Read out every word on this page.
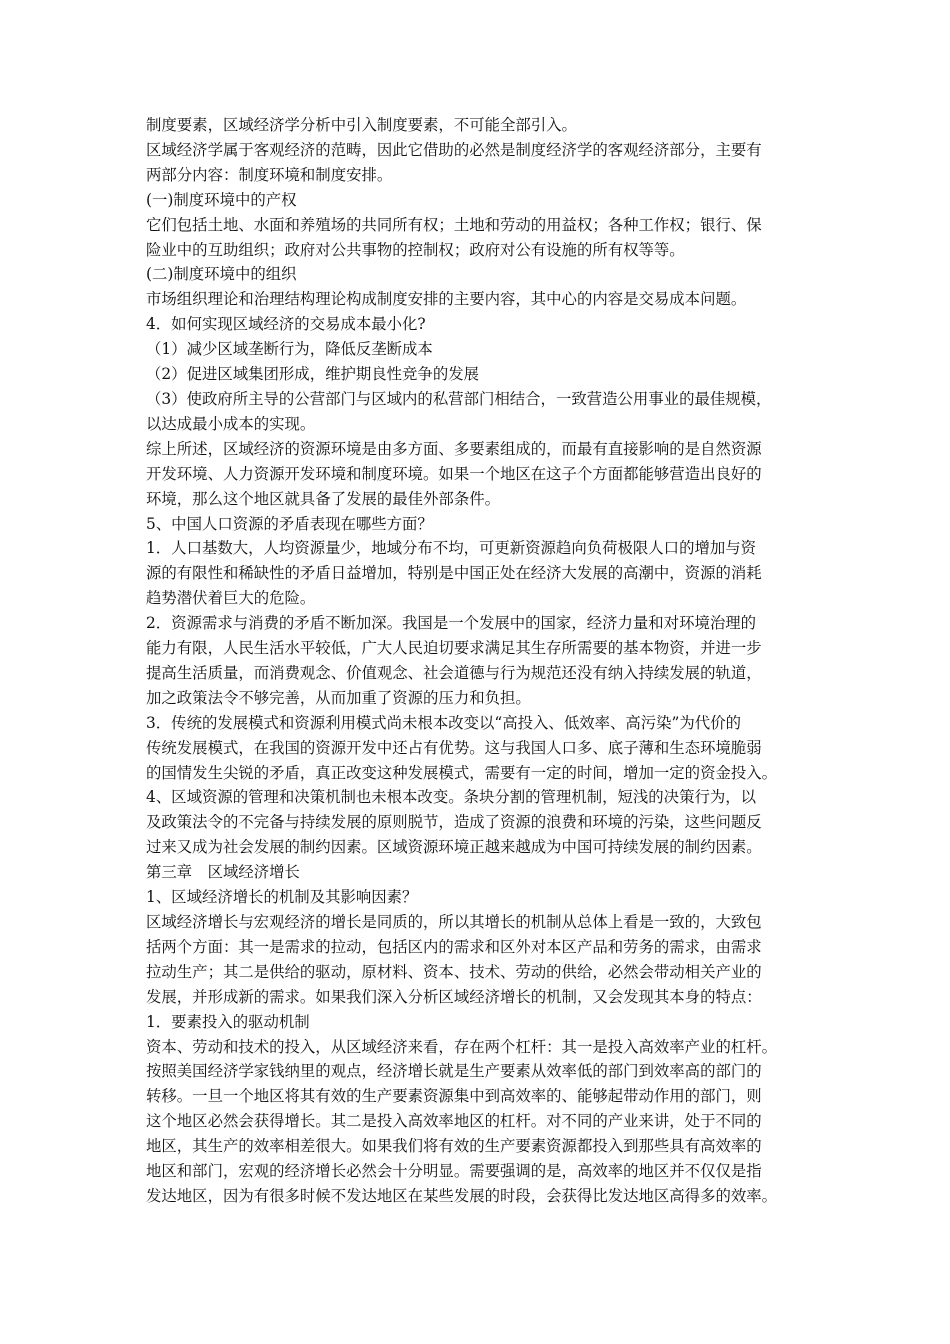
制度要素，区域经济学分析中引入制度要素，不可能全部引入。
区域经济学属于客观经济的范畴，因此它借助的必然是制度经济学的客观经济部分，主要有
两部分内容：制度环境和制度安排。
(一)制度环境中的产权
它们包括土地、水面和养殖场的共同所有权；土地和劳动的用益权；各种工作权；银行、保
险业中的互助组织；政府对公共事物的控制权；政府对公有设施的所有权等等。
(二)制度环境中的组织
市场组织理论和治理结构理论构成制度安排的主要内容，其中心的内容是交易成本问题。
4．如何实现区域经济的交易成本最小化?
（1）减少区域垄断行为，降低反垄断成本
（2）促进区域集团形成，维护期良性竞争的发展
（3）使政府所主导的公营部门与区域内的私营部门相结合，一致营造公用事业的最佳规模，
以达成最小成本的实现。
综上所述，区域经济的资源环境是由多方面、多要素组成的，而最有直接影响的是自然资源
开发环境、人力资源开发环境和制度环境。如果一个地区在这子个方面都能够营造出良好的
环境，那么这个地区就具备了发展的最佳外部条件。
5、中国人口资源的矛盾表现在哪些方面？
1．人口基数大，人均资源量少，地域分布不均，可更新资源趋向负荷极限人口的增加与资
源的有限性和稀缺性的矛盾日益增加，特别是中国正处在经济大发展的高潮中，资源的消耗
趋势潜伏着巨大的危险。
2．资源需求与消费的矛盾不断加深。我国是一个发展中的国家，经济力量和对环境治理的
能力有限，人民生活水平较低，广大人民迫切要求满足其生存所需要的基本物资，并进一步
提高生活质量，而消费观念、价值观念、社会道德与行为规范还没有纳入持续发展的轨道，
加之政策法令不够完善，从而加重了资源的压力和负担。
3．传统的发展模式和资源利用模式尚未根本改变以“高投入、低效率、高污染”为代价的
传统发展模式，在我国的资源开发中还占有优势。这与我国人口多、底子薄和生态环境脆弱
的国情发生尖锐的矛盾，真正改变这种发展模式，需要有一定的时间，增加一定的资金投入。
4、区域资源的管理和决策机制也未根本改变。条块分割的管理机制，短浅的决策行为，以
及政策法令的不完备与持续发展的原则脱节，造成了资源的浪费和环境的污染，这些问题反
过来又成为社会发展的制约因素。区域资源环境正越来越成为中国可持续发展的制约因素。
第三章　区域经济增长
1、区域经济增长的机制及其影响因素？
区域经济增长与宏观经济的增长是同质的，所以其增长的机制从总体上看是一致的，大致包
括两个方面：其一是需求的拉动，包括区内的需求和区外对本区产品和劳务的需求，由需求
拉动生产；其二是供给的驱动，原材料、资本、技术、劳动的供给，必然会带动相关产业的
发展，并形成新的需求。如果我们深入分析区域经济增长的机制，又会发现其本身的特点：
1．要素投入的驱动机制
资本、劳动和技术的投入，从区域经济来看，存在两个杠杆：其一是投入高效率产业的杠杆。
按照美国经济学家钱纳里的观点，经济增长就是生产要素从效率低的部门到效率高的部门的
转移。一旦一个地区将其有效的生产要素资源集中到高效率的、能够起带动作用的部门，则
这个地区必然会获得增长。其二是投入高效率地区的杠杆。对不同的产业来讲，处于不同的
地区，其生产的效率相差很大。如果我们将有效的生产要素资源都投入到那些具有高效率的
地区和部门，宏观的经济增长必然会十分明显。需要强调的是，高效率的地区并不仅仅是指
发达地区，因为有很多时候不发达地区在某些发展的时段，会获得比发达地区高得多的效率。
